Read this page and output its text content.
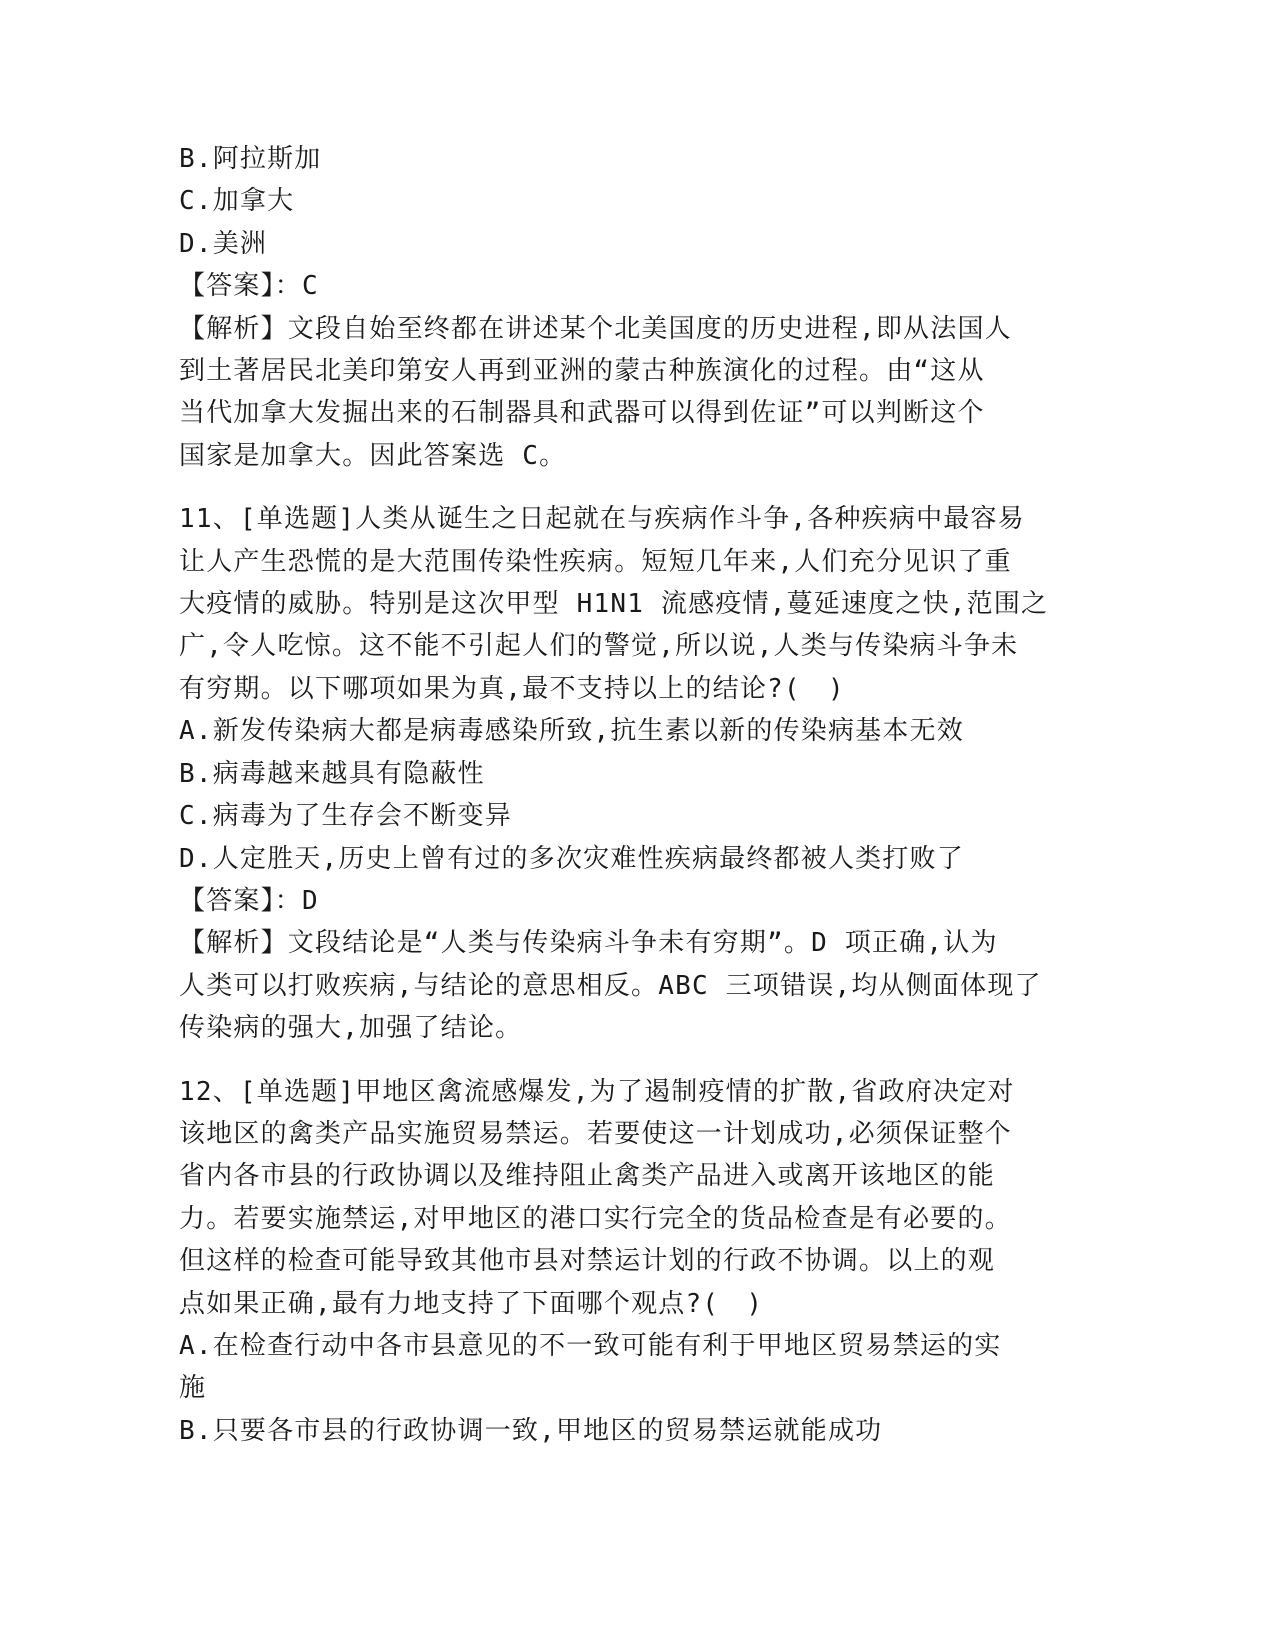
B.阿拉斯加
C.加拿大
D.美洲
【答案】：C
【解析】文段自始至终都在讲述某个北美国度的历史进程,即从法国人
到土著居民北美印第安人再到亚洲的蒙古种族演化的过程。由“这从
当代加拿大发掘出来的石制器具和武器可以得到佐证”可以判断这个
国家是加拿大。因此答案选 C。
11、[单选题]人类从诞生之日起就在与疾病作斗争,各种疾病中最容易
让人产生恐慌的是大范围传染性疾病。短短几年来,人们充分见识了重
大疫情的威胁。特别是这次甲型 H1N1 流感疫情,蔓延速度之快,范围之
广,令人吃惊。这不能不引起人们的警觉,所以说,人类与传染病斗争未
有穷期。以下哪项如果为真,最不支持以上的结论?(　)
A.新发传染病大都是病毒感染所致,抗生素以新的传染病基本无效
B.病毒越来越具有隐蔽性
C.病毒为了生存会不断变异
D.人定胜天,历史上曾有过的多次灾难性疾病最终都被人类打败了
【答案】：D
【解析】文段结论是“人类与传染病斗争未有穷期”。D 项正确,认为
人类可以打败疾病,与结论的意思相反。ABC 三项错误,均从侧面体现了
传染病的强大,加强了结论。
12、[单选题]甲地区禽流感爆发,为了遏制疫情的扩散,省政府决定对
该地区的禽类产品实施贸易禁运。若要使这一计划成功,必须保证整个
省内各市县的行政协调以及维持阻止禽类产品进入或离开该地区的能
力。若要实施禁运,对甲地区的港口实行完全的货品检查是有必要的。
但这样的检查可能导致其他市县对禁运计划的行政不协调。以上的观
点如果正确,最有力地支持了下面哪个观点?(　)
A.在检查行动中各市县意见的不一致可能有利于甲地区贸易禁运的实
施
B.只要各市县的行政协调一致,甲地区的贸易禁运就能成功
